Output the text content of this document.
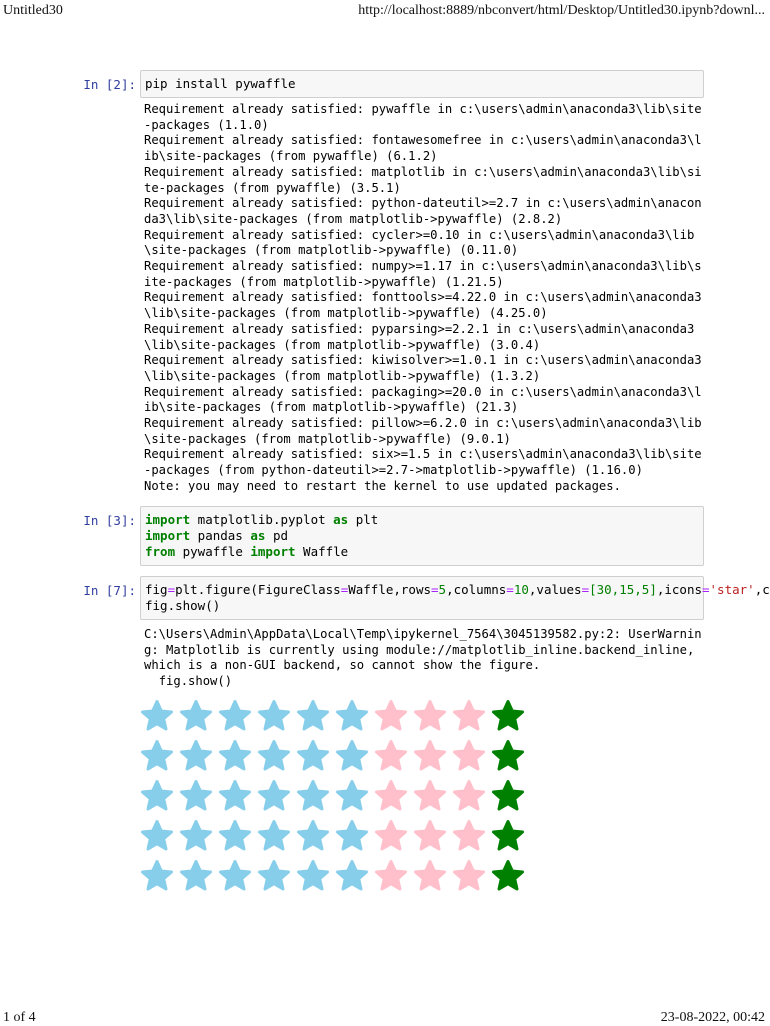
Untitled30	http://localhost:8889/nbconvert/html/Desktop/Untitled30.ipynb?downl...
In [2]: pip install pywaffle
Requirement already satisfied: pywaffle in c:\users\admin\anaconda3\lib\site-packages (1.1.0)
Requirement already satisfied: fontawesomefree in c:\users\admin\anaconda3\lib\site-packages (from pywaffle) (6.1.2)
Requirement already satisfied: matplotlib in c:\users\admin\anaconda3\lib\site-packages (from pywaffle) (3.5.1)
Requirement already satisfied: python-dateutil>=2.7 in c:\users\admin\anaconda3\lib\site-packages (from matplotlib->pywaffle) (2.8.2)
Requirement already satisfied: cycler>=0.10 in c:\users\admin\anaconda3\lib\site-packages (from matplotlib->pywaffle) (0.11.0)
Requirement already satisfied: numpy>=1.17 in c:\users\admin\anaconda3\lib\site-packages (from matplotlib->pywaffle) (1.21.5)
Requirement already satisfied: fonttools>=4.22.0 in c:\users\admin\anaconda3\lib\site-packages (from matplotlib->pywaffle) (4.25.0)
Requirement already satisfied: pyparsing>=2.2.1 in c:\users\admin\anaconda3\lib\site-packages (from matplotlib->pywaffle) (3.0.4)
Requirement already satisfied: kiwisolver>=1.0.1 in c:\users\admin\anaconda3\lib\site-packages (from matplotlib->pywaffle) (1.3.2)
Requirement already satisfied: packaging>=20.0 in c:\users\admin\anaconda3\lib\site-packages (from matplotlib->pywaffle) (21.3)
Requirement already satisfied: pillow>=6.2.0 in c:\users\admin\anaconda3\lib\site-packages (from matplotlib->pywaffle) (9.0.1)
Requirement already satisfied: six>=1.5 in c:\users\admin\anaconda3\lib\site-packages (from python-dateutil>=2.7->matplotlib->pywaffle) (1.16.0)
Note: you may need to restart the kernel to use updated packages.
In [3]: import matplotlib.pyplot as plt
import pandas as pd
from pywaffle import Waffle
In [7]: fig=plt.figure(FigureClass=Waffle,rows=5,columns=10,values=[30,15,5],icons='star',c
fig.show()
C:\Users\Admin\AppData\Local\Temp\ipykernel_7564\3045139582.py:2: UserWarning: Matplotlib is currently using module://matplotlib_inline.backend_inline, which is a non-GUI backend, so cannot show the figure.
fig.show()
1 of 4	23-08-2022, 00:42
